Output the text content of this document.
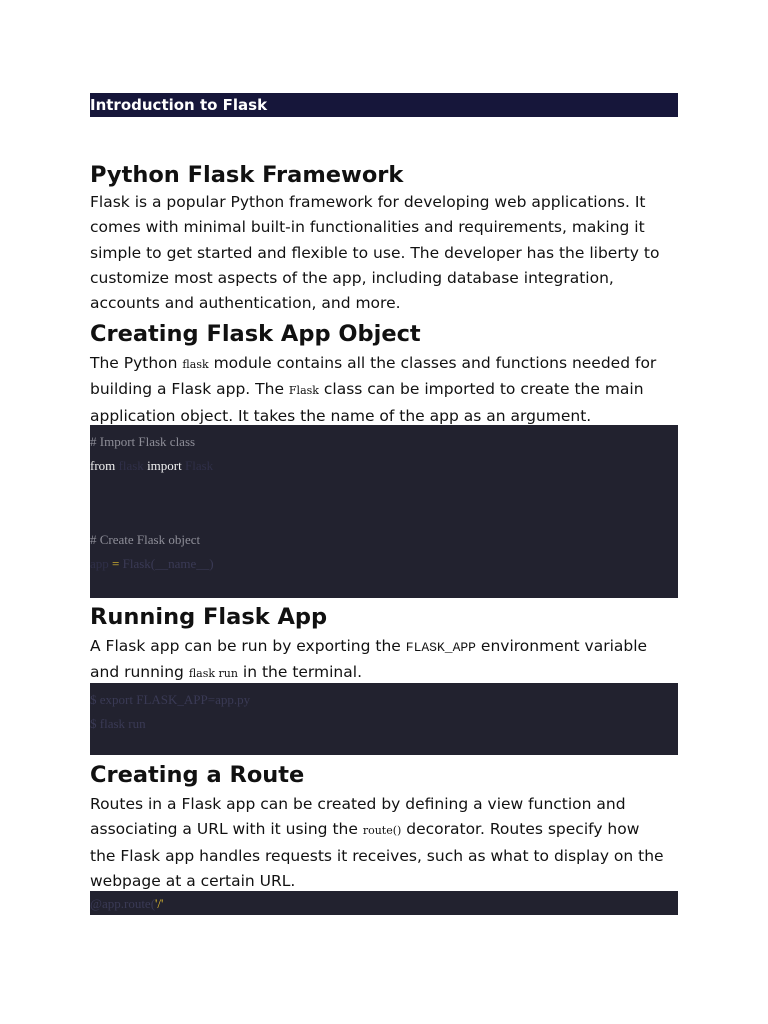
Introduction to Flask
Python Flask Framework

Flask is a popular Python framework for developing web applications. It
comes with minimal built-in functionalities and requirements, making it
simple to get started and flexible to use. The developer has the liberty to
customize most aspects of the app, including database integration,
accounts and authentication, and more.

Creating Flask App Object

The Python flask module contains all the classes and functions needed for
building a Flask app. The Flask class can be imported to create the main
application object. It takes the name of the app as an argument.

# Import Flask class
from flask import Flask
# Create Flask object
app = Flask(__name__)
Running Flask App

A Flask app can be run by exporting the FLASK_APP environment variable
and running flask run in the terminal.

$ export FLASK_APP=app.py
$ flask run
Creating a Route

Routes in a Flask app can be created by defining a view function and
associating a URL with it using the route() decorator. Routes specify how
the Flask app handles requests it receives, such as what to display on the
webpage at a certain URL.

@app.route('/'
